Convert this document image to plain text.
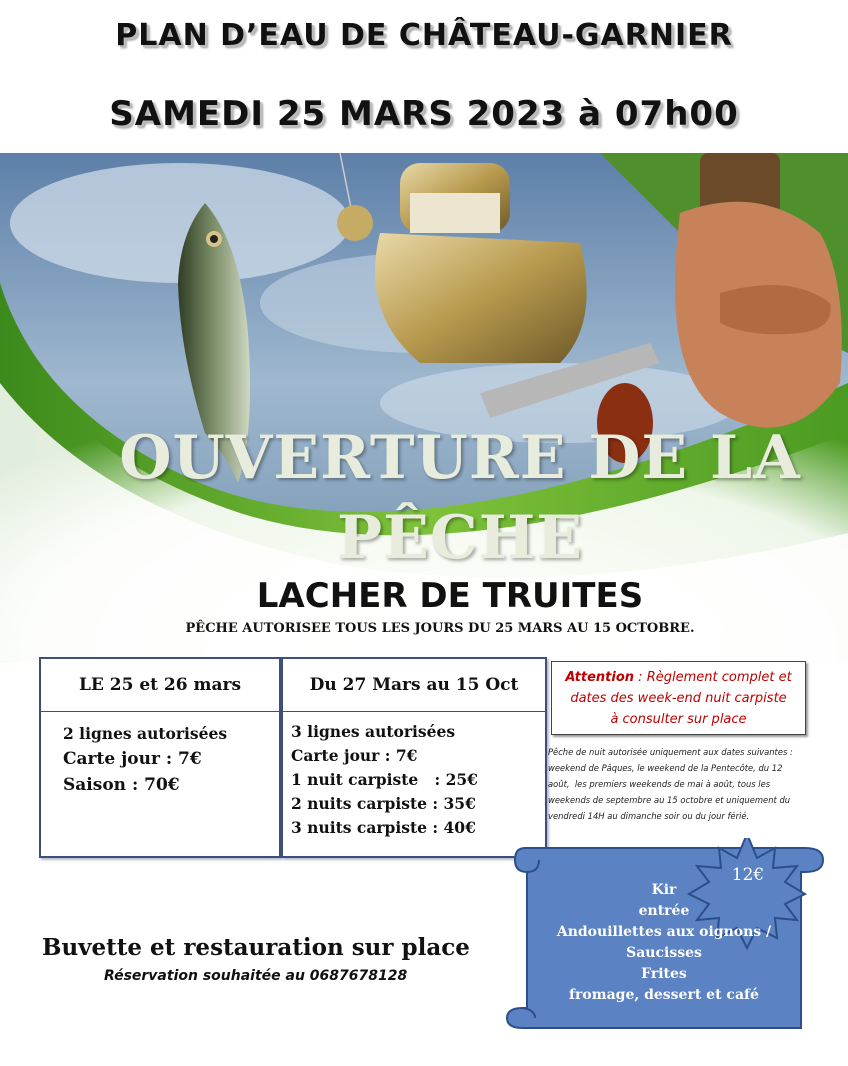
PLAN D’EAU DE CHÂTEAU-GARNIER
SAMEDI 25 MARS 2023 à 07h00
OUVERTURE DE LA
PÊCHE
LACHER DE TRUITES
PÊCHE AUTORISEE TOUS LES JOURS DU 25 MARS AU 15 OCTOBRE.
LE 25 et 26 mars
2 lignes autorisées
Carte jour : 7€
Saison : 70€
Du 27 Mars au 15 Oct
3 lignes autorisées
Carte jour : 7€
1 nuit carpiste   : 25€
2 nuits carpiste : 35€
3 nuits carpiste : 40€
Attention : Règlement complet et
dates des week-end nuit carpiste
à consulter sur place
Pêche de nuit autorisée uniquement aux dates suivantes :
weekend de Pâques, le weekend de la Pentecôte, du 12
août,  les premiers weekends de mai à août, tous les
weekends de septembre au 15 octobre et uniquement du
vendredi 14H au dimanche soir ou du jour férié.
Buvette et restauration sur place
Réservation souhaitée au 0687678128
12€
Kir
entrée
Andouillettes aux oignons /
Saucisses
Frites
fromage, dessert et café
